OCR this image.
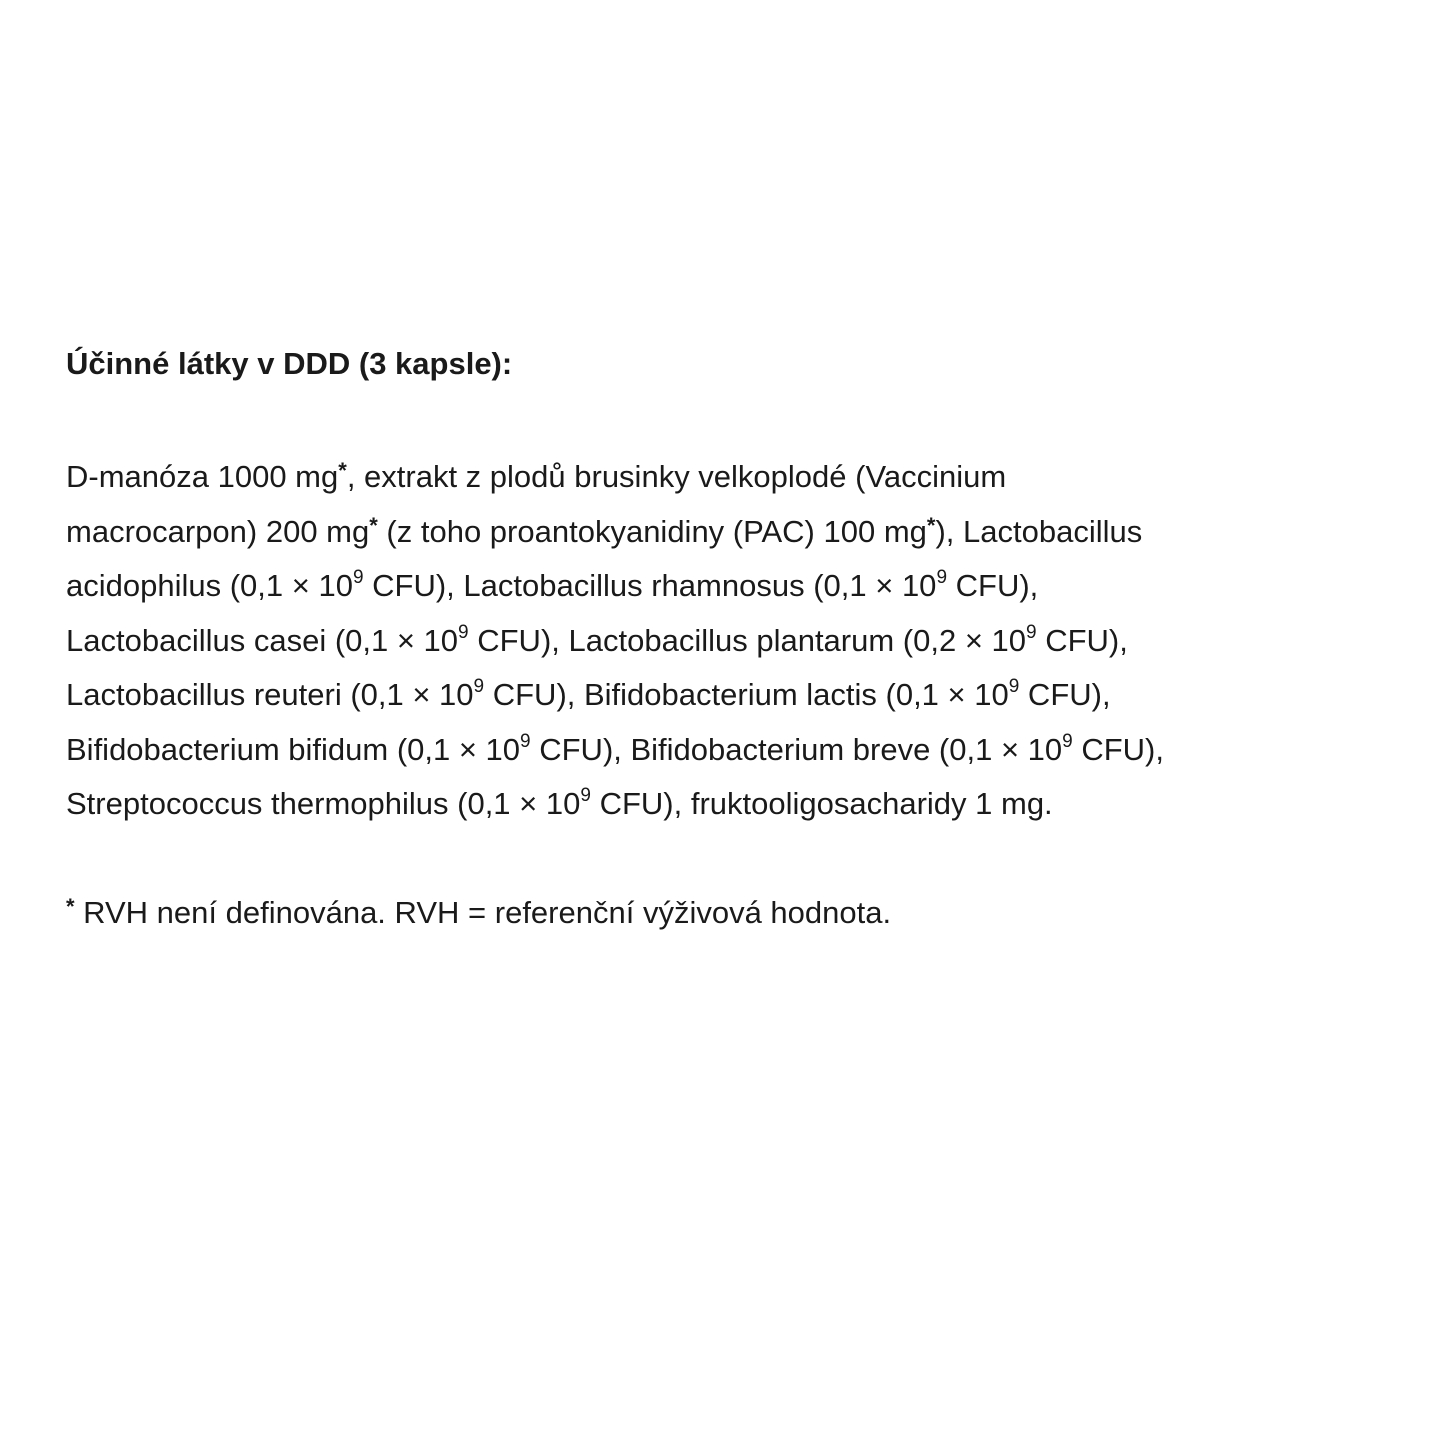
Účinné látky v DDD (3 kapsle):

D-manóza 1000 mg*, extrakt z plodů brusinky velkoplodé (Vaccinium
macrocarpon) 200 mg* (z toho proantokyanidiny (PAC) 100 mg*), Lactobacillus
acidophilus ($0,1 \times 10^9$ CFU), Lactobacillus rhamnosus ($0,1 \times 10^9$ CFU),
Lactobacillus casei ($0,1 \times 10^9$ CFU), Lactobacillus plantarum ($0,2 \times 10^9$ CFU),
Lactobacillus reuteri ($0,1 \times 10^9$ CFU), Bifidobacterium lactis ($0,1 \times 10^9$ CFU),
Bifidobacterium bifidum ($0,1 \times 10^9$ CFU), Bifidobacterium breve ($0,1 \times 10^9$ CFU),
Streptococcus thermophilus ($0,1 \times 10^9$ CFU), fruktooligosacharidy 1 mg.

* RVH není definována. RVH = referenční výživová hodnota.
